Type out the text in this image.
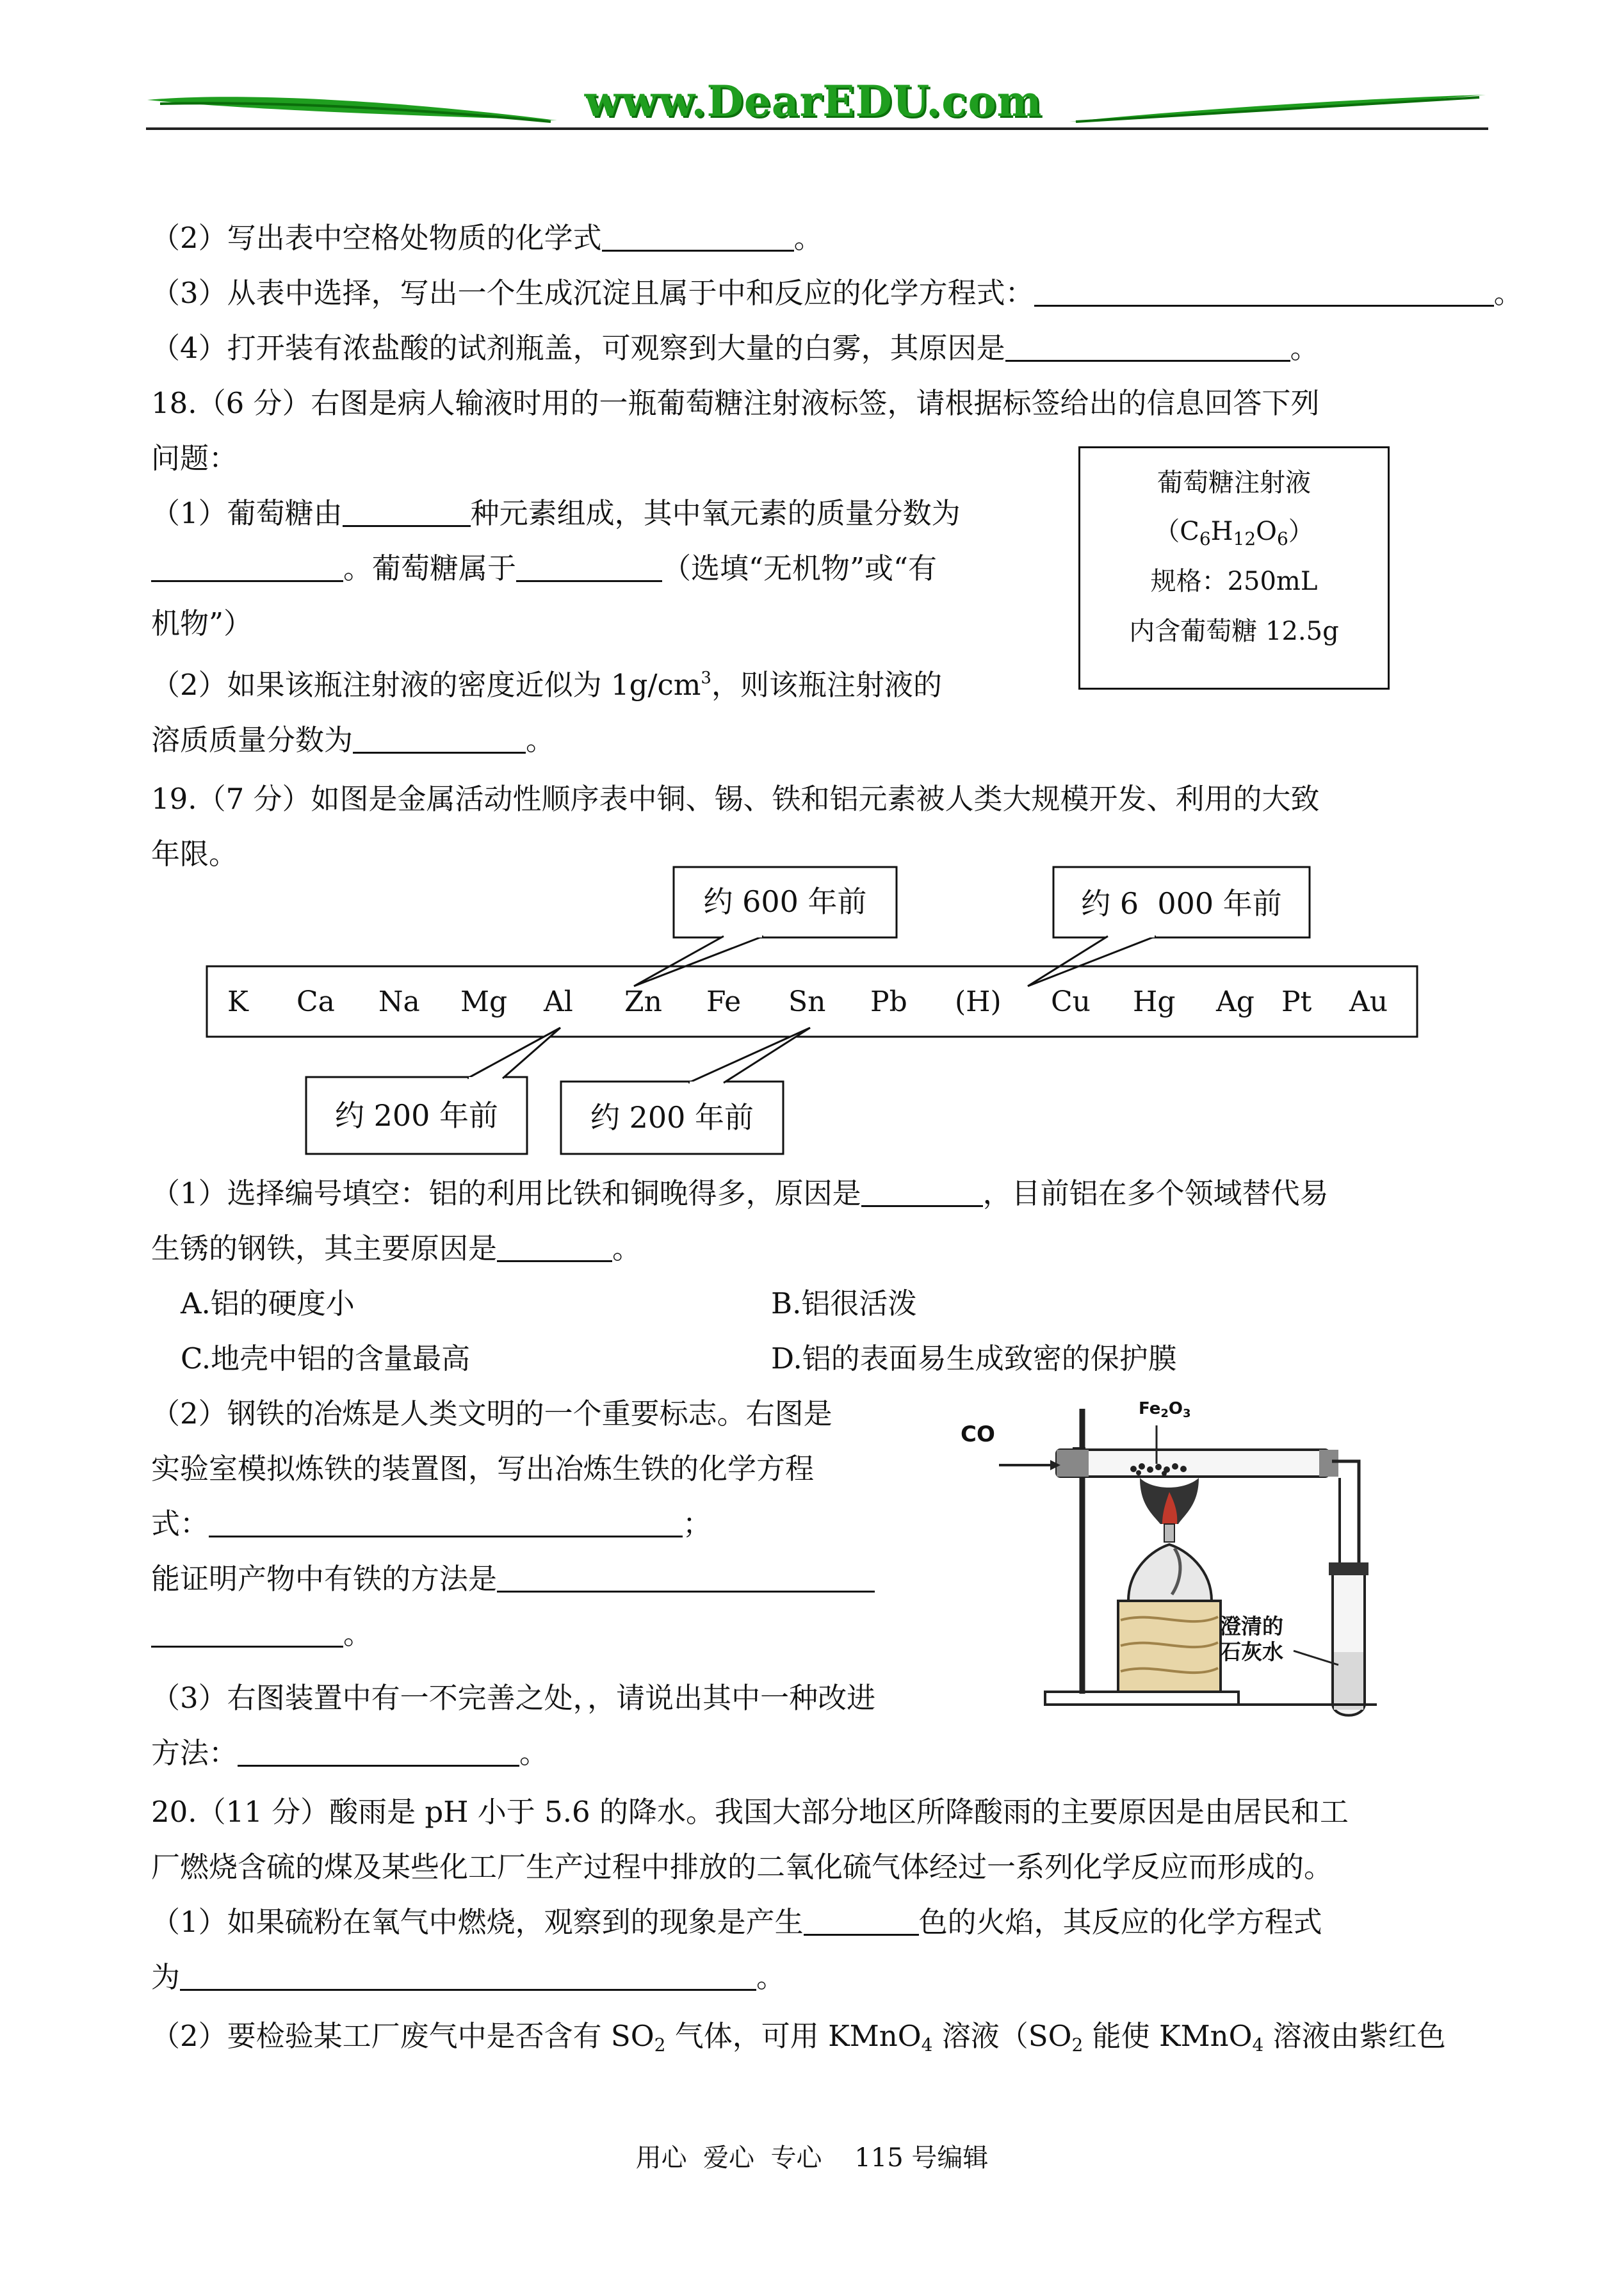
www.DearEDU.com
（2）写出表中空格处物质的化学式	。
（3）从表中选择，写出一个生成沉淀且属于中和反应的化学方程式：	。
（4）打开装有浓盐酸的试剂瓶盖，可观察到大量的白雾，其原因是	。
18.（6 分）右图是病人输液时用的一瓶葡萄糖注射液标签，请根据标签给出的信息回答下列
问题：
（1）葡萄糖由	种元素组成，其中氧元素的质量分数为
。葡萄糖属于	（选填“无机物”或“有
机物”）
（2）如果该瓶注射液的密度近似为 $1g/cm^3$，则该瓶注射液的
溶质质量分数为	。
葡萄糖注射液
$(C_6H_{12}O_6)$
规格：250mL
内含葡萄糖 12.5g
19.（7 分）如图是金属活动性顺序表中铜、锡、铁和铝元素被人类大规模开发、利用的大致
年限。
约 600 年前	约 6  000 年前
约 200 年前	约 200 年前
K Ca Na Mg Al Zn Fe Sn Pb (H) Cu Hg Ag Pt Au
（1）选择编号填空：铝的利用比铁和铜晚得多，原因是	，目前铝在多个领域替代易
生锈的钢铁，其主要原因是	。
A.铝的硬度小	B.铝很活泼
C.地壳中铝的含量最高	D.铝的表面易生成致密的保护膜
（2）钢铁的冶炼是人类文明的一个重要标志。右图是
实验室模拟炼铁的装置图，写出冶炼生铁的化学方程
式：	；
能证明产物中有铁的方法是
。
（3）右图装置中有一不完善之处，，请说出其中一种改进
方法：	。
CO
$Fe_2O_3$
澄清的
石灰水
20.（11 分）酸雨是 pH 小于 5.6 的降水。我国大部分地区所降酸雨的主要原因是由居民和工
厂燃烧含硫的煤及某些化工厂生产过程中排放的二氧化硫气体经过一系列化学反应而形成的。
（1）如果硫粉在氧气中燃烧，观察到的现象是产生	色的火焰，其反应的化学方程式
为	。
（2）要检验某工厂废气中是否含有 $SO_2$ 气体，可用 KMnO$_4$ 溶液（$SO_2$ 能使 KMnO$_4$ 溶液由紫红色
用心  爱心  专心    115 号编辑
